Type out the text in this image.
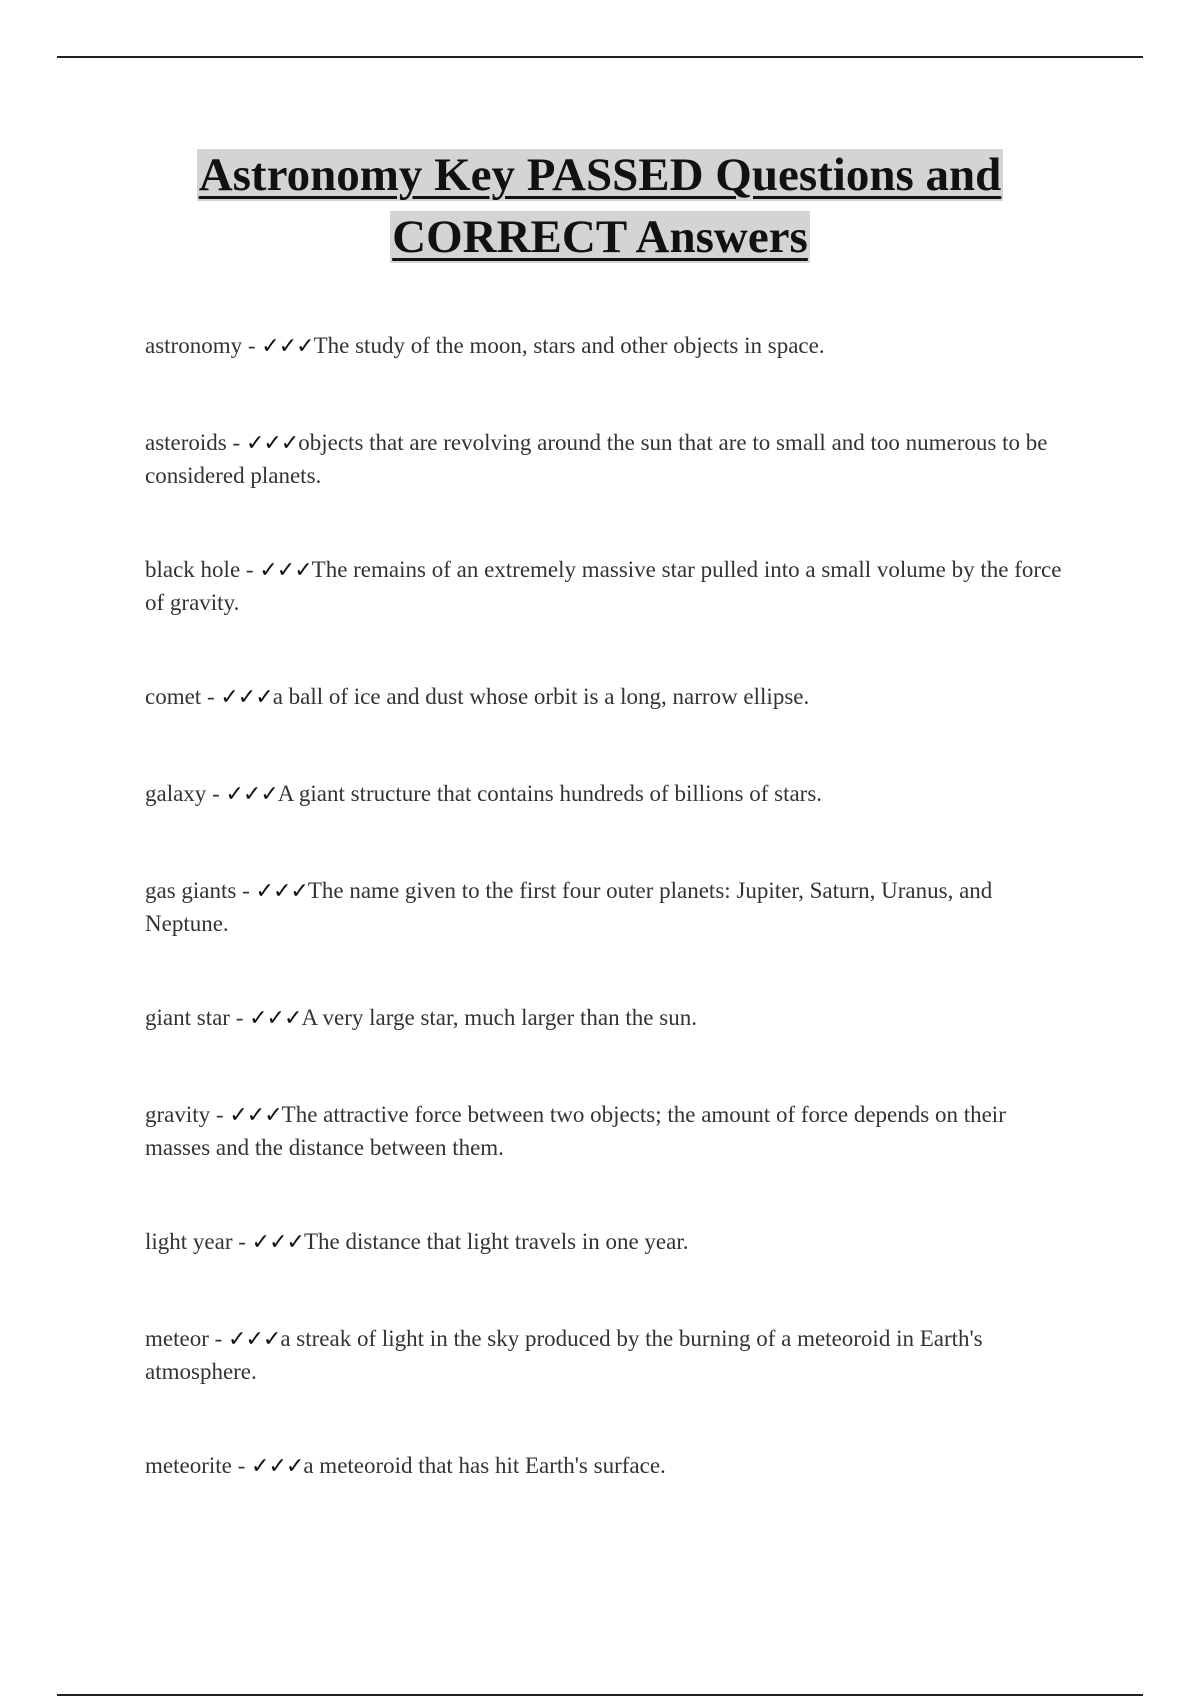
Astronomy Key PASSED Questions and
CORRECT Answers

astronomy - ✓✓✓The study of the moon, stars and other objects in space.

asteroids - ✓✓✓objects that are revolving around the sun that are to small and too numerous to be considered planets.

black hole - ✓✓✓The remains of an extremely massive star pulled into a small volume by the force of gravity.

comet - ✓✓✓a ball of ice and dust whose orbit is a long, narrow ellipse.

galaxy - ✓✓✓A giant structure that contains hundreds of billions of stars.

gas giants - ✓✓✓The name given to the first four outer planets: Jupiter, Saturn, Uranus, and Neptune.

giant star - ✓✓✓A very large star, much larger than the sun.

gravity - ✓✓✓The attractive force between two objects; the amount of force depends on their masses and the distance between them.

light year - ✓✓✓The distance that light travels in one year.

meteor - ✓✓✓a streak of light in the sky produced by the burning of a meteoroid in Earth's atmosphere.

meteorite - ✓✓✓a meteoroid that has hit Earth's surface.
